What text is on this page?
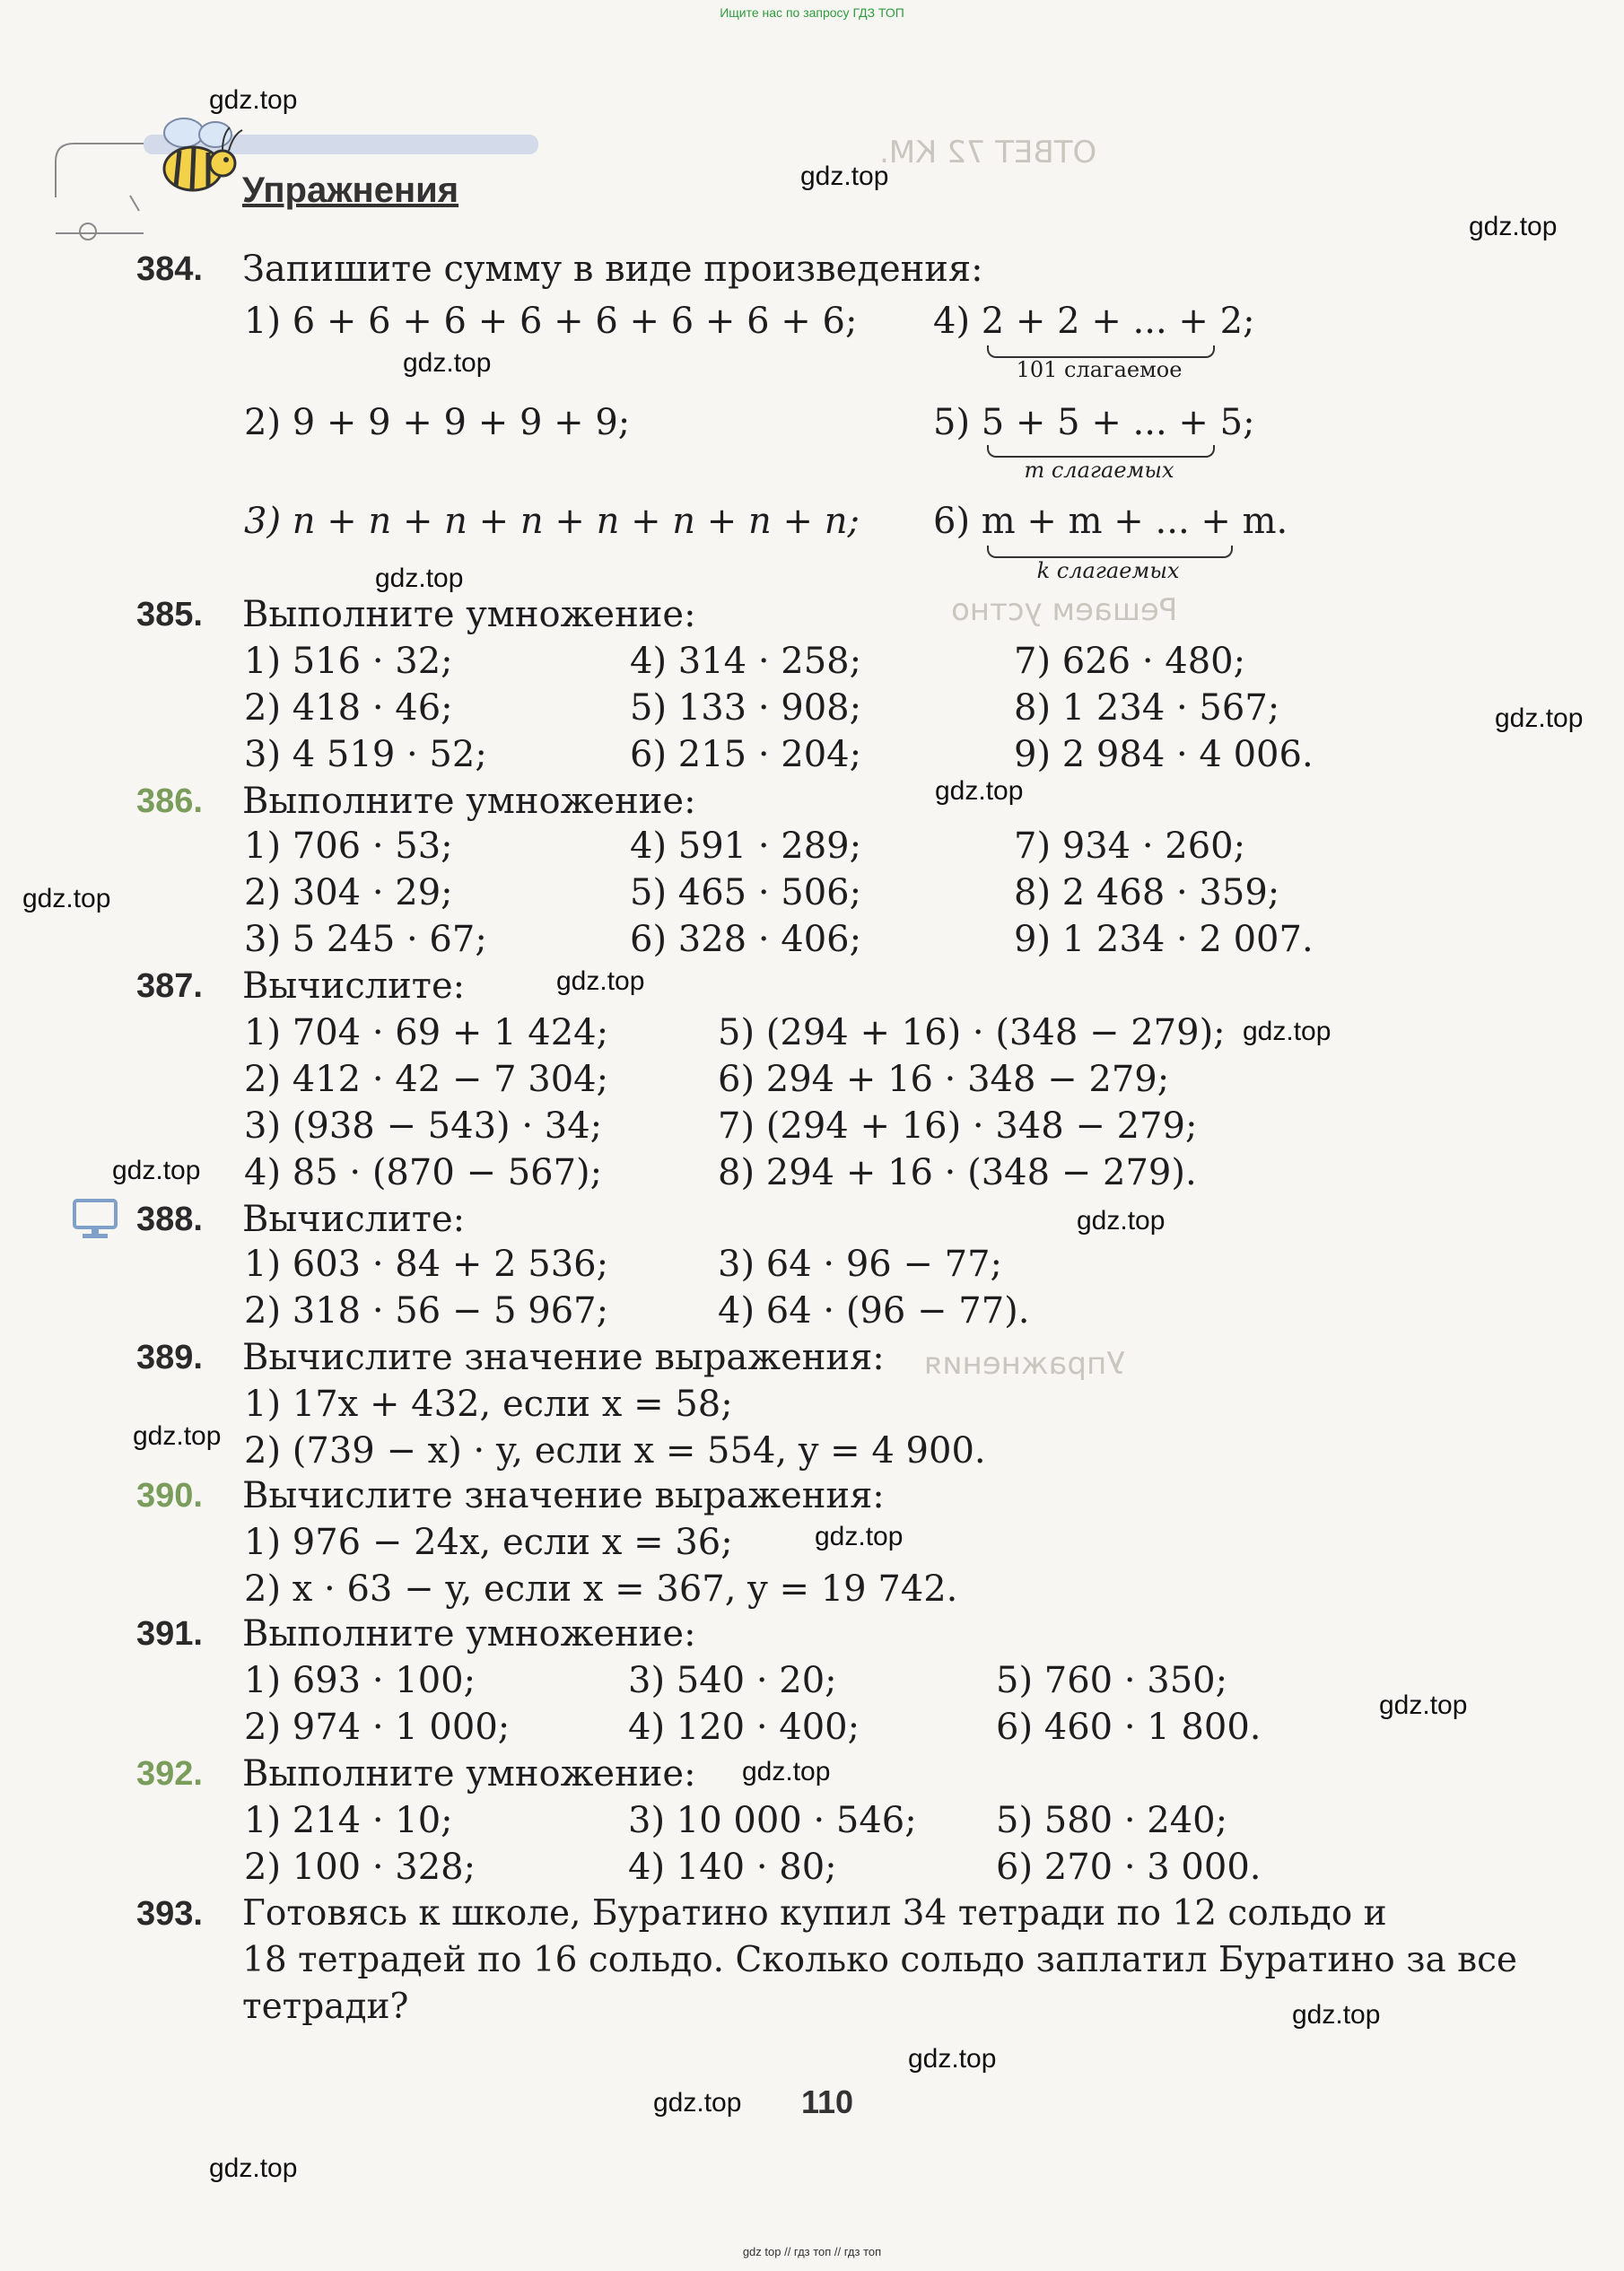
ОТВЕТ 72 КМ.
Решаем устно
Упражнения
Ищите нас по запросу ГДЗ ТОП
Упражнения
384. Запишите сумму в виде произведения:
1) 6 + 6 + 6 + 6 + 6 + 6 + 6 + 6;
2) 9 + 9 + 9 + 9 + 9;
3) n + n + n + n + n + n + n + n;
4) 2 + 2 + ... + 2;
101 слагаемое
5) 5 + 5 + ... + 5;
m слагаемых
6) m + m + ... + m.
k слагаемых
385. Выполните умножение:
1) 516 · 32;
2) 418 · 46;
3) 4 519 · 52;
4) 314 · 258;
5) 133 · 908;
6) 215 · 204;
7) 626 · 480;
8) 1 234 · 567;
9) 2 984 · 4 006.
386. Выполните умножение:
1) 706 · 53;
2) 304 · 29;
3) 5 245 · 67;
4) 591 · 289;
5) 465 · 506;
6) 328 · 406;
7) 934 · 260;
8) 2 468 · 359;
9) 1 234 · 2 007.
387. Вычислите:
1) 704 · 69 + 1 424;
2) 412 · 42 − 7 304;
3) (938 − 543) · 34;
4) 85 · (870 − 567);
5) (294 + 16) · (348 − 279);
6) 294 + 16 · 348 − 279;
7) (294 + 16) · 348 − 279;
8) 294 + 16 · (348 − 279).
388. Вычислите:
1) 603 · 84 + 2 536;
2) 318 · 56 − 5 967;
3) 64 · 96 − 77;
4) 64 · (96 − 77).
389. Вычислите значение выражения:
1) 17x + 432, если x = 58;
2) (739 − x) · y, если x = 554, y = 4 900.
390. Вычислите значение выражения:
1) 976 − 24x, если x = 36;
2) x · 63 − y, если x = 367, y = 19 742.
391. Выполните умножение:
1) 693 · 100;
2) 974 · 1 000;
3) 540 · 20;
4) 120 · 400;
5) 760 · 350;
6) 460 · 1 800.
392. Выполните умножение:
1) 214 · 10;
2) 100 · 328;
3) 10 000 · 546;
4) 140 · 80;
5) 580 · 240;
6) 270 · 3 000.
393. Готовясь к школе, Буратино купил 34 тетради по 12 сольдо и
18 тетрадей по 16 сольдо. Сколько сольдо заплатил Буратино за все
тетради?
110
gdz.top
gdz.top
gdz.top
gdz.top
gdz.top
gdz.top
gdz.top
gdz.top
gdz.top
gdz.top
gdz.top
gdz.top
gdz.top
gdz.top
gdz.top
gdz.top
gdz.top
gdz.top
gdz.top
gdz.top
gdz top // гдз топ // гдз топ
